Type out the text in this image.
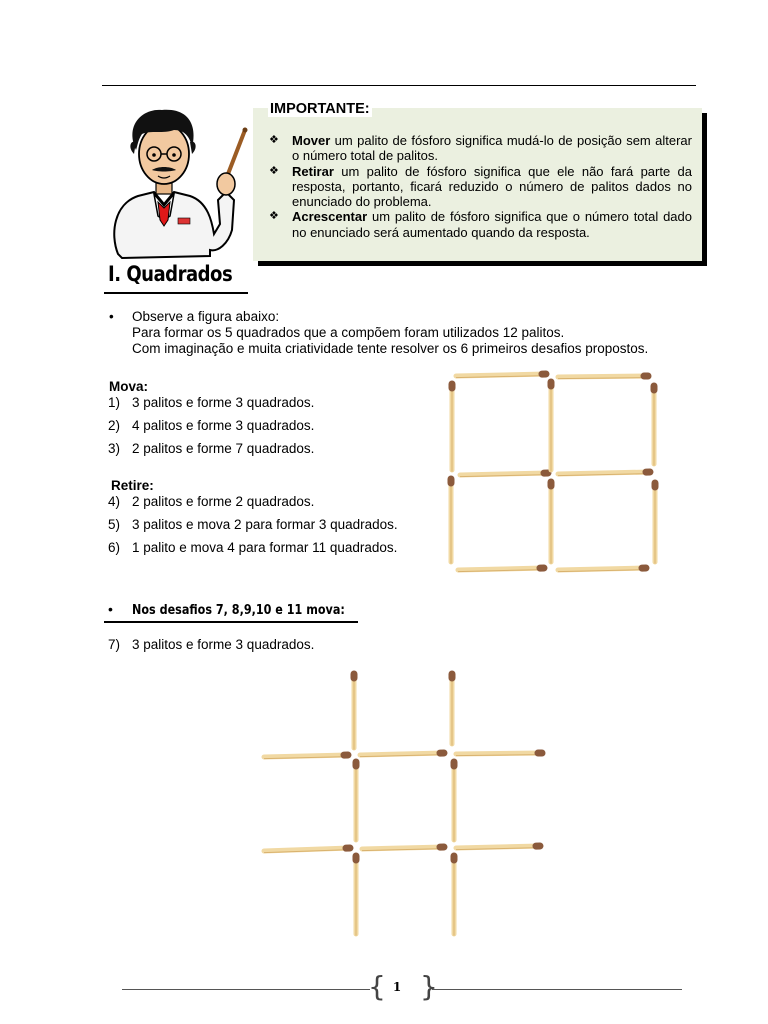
IMPORTANTE:
❖ Mover um palito de fósforo significa mudá-lo de posição sem alterar o número total de palitos.
❖ Retirar um palito de fósforo significa que ele não fará parte da resposta, portanto, ficará reduzido o número de palitos dados no enunciado do problema.
❖ Acrescentar um palito de fósforo significa que o número total dado no enunciado será aumentado quando da resposta.
I. Quadrados
• Observe a figura abaixo:
Para formar os 5 quadrados que a compõem foram utilizados 12 palitos.
Com imaginação e muita criatividade tente resolver os 6 primeiros desafios propostos.
Mova:
1) 3 palitos e forme 3 quadrados.
2) 4 palitos e forme 3 quadrados.
3) 2 palitos e forme 7 quadrados.
Retire:
4) 2 palitos e forme 2 quadrados.
5) 3 palitos e mova 2 para formar 3 quadrados.
6) 1 palito e mova 4 para formar 11 quadrados.
• Nos desafios 7, 8,9,10 e 11 mova:
7) 3 palitos e forme 3 quadrados.
{ 1 }
